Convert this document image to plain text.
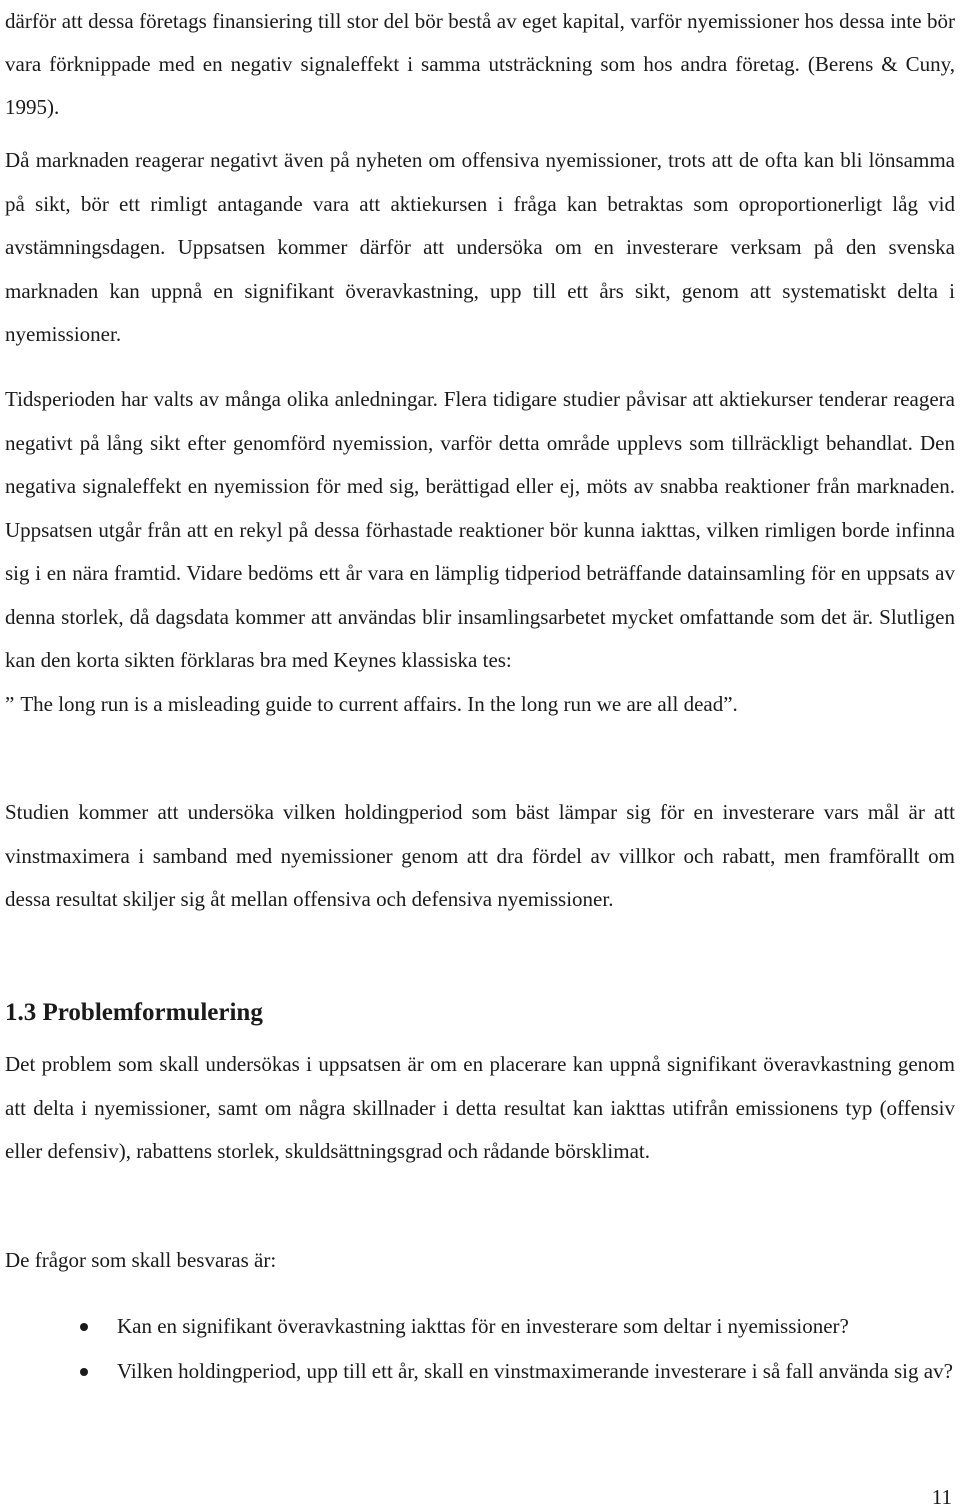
därför att dessa företags finansiering till stor del bör bestå av eget kapital, varför nyemissioner hos dessa inte bör vara förknippade med en negativ signaleffekt i samma utsträckning som hos andra företag. (Berens & Cuny, 1995).

Då marknaden reagerar negativt även på nyheten om offensiva nyemissioner, trots att de ofta kan bli lönsamma på sikt, bör ett rimligt antagande vara att aktiekursen i fråga kan betraktas som oproportionerligt låg vid avstämningsdagen. Uppsatsen kommer därför att undersöka om en investerare verksam på den svenska marknaden kan uppnå en signifikant överavkastning, upp till ett års sikt, genom att systematiskt delta i nyemissioner.

Tidsperioden har valts av många olika anledningar. Flera tidigare studier påvisar att aktiekurser tenderar reagera negativt på lång sikt efter genomförd nyemission, varför detta område upplevs som tillräckligt behandlat. Den negativa signaleffekt en nyemission för med sig, berättigad eller ej, möts av snabba reaktioner från marknaden. Uppsatsen utgår från att en rekyl på dessa förhastade reaktioner bör kunna iakttas, vilken rimligen borde infinna sig i en nära framtid. Vidare bedöms ett år vara en lämplig tidperiod beträffande datainsamling för en uppsats av denna storlek, då dagsdata kommer att användas blir insamlingsarbetet mycket omfattande som det är. Slutligen kan den korta sikten förklaras bra med Keynes klassiska tes:
” The long run is a misleading guide to current affairs. In the long run we are all dead”.

Studien kommer att undersöka vilken holdingperiod som bäst lämpar sig för en investerare vars mål är att vinstmaximera i samband med nyemissioner genom att dra fördel av villkor och rabatt, men framförallt om dessa resultat skiljer sig åt mellan offensiva och defensiva nyemissioner.

1.3 Problemformulering

Det problem som skall undersökas i uppsatsen är om en placerare kan uppnå signifikant överavkastning genom att delta i nyemissioner, samt om några skillnader i detta resultat kan iakttas utifrån emissionens typ (offensiv eller defensiv), rabattens storlek, skuldsättningsgrad och rådande börsklimat.

De frågor som skall besvaras är:

Kan en signifikant överavkastning iakttas för en investerare som deltar i nyemissioner?
Vilken holdingperiod, upp till ett år, skall en vinstmaximerande investerare i så fall använda sig av?
11
